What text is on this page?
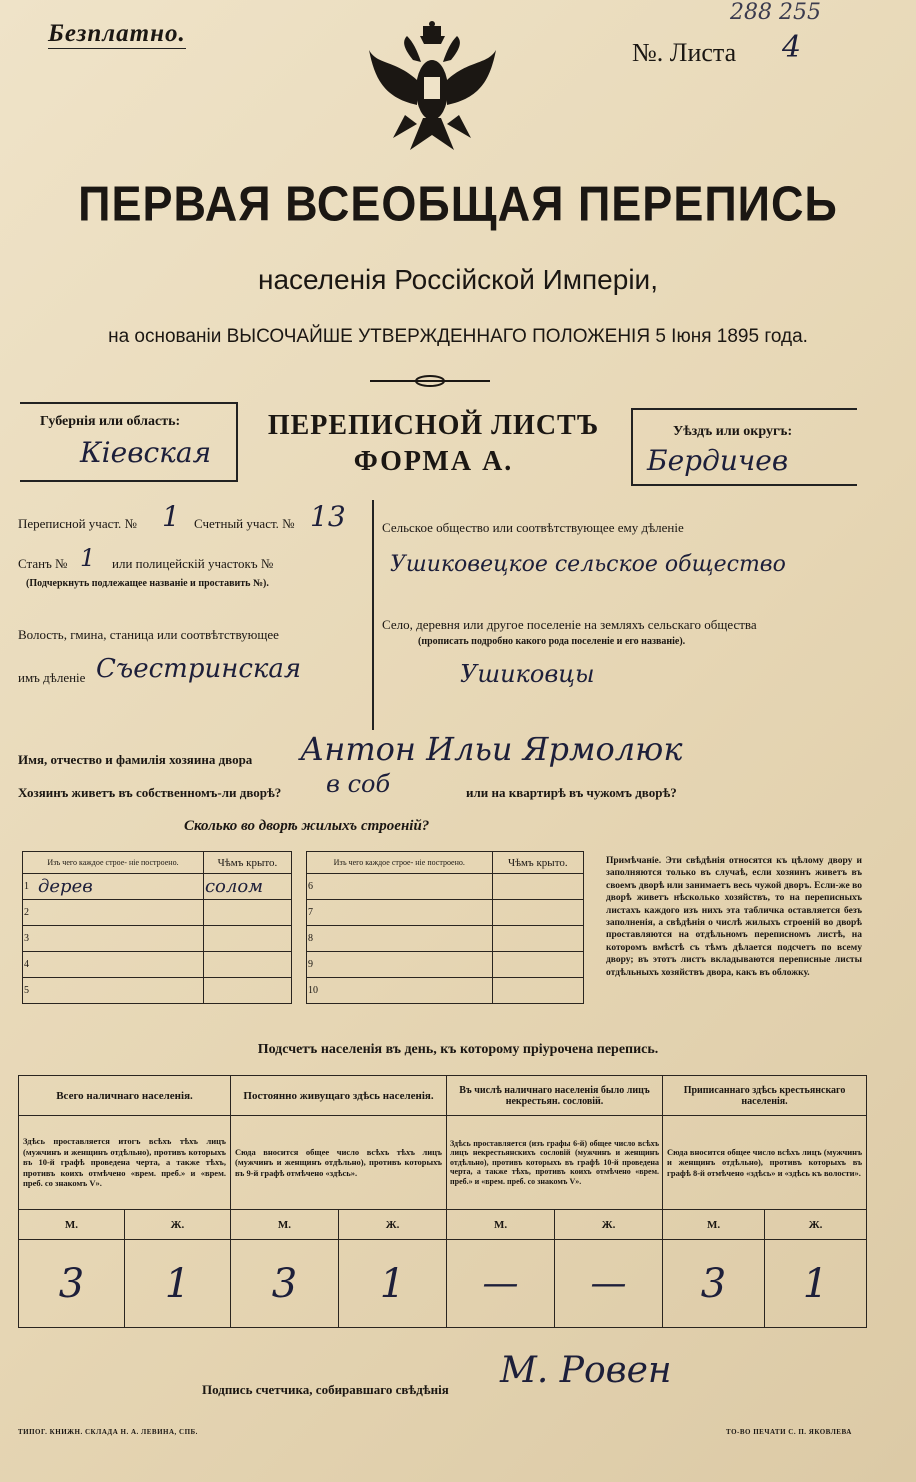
Безплатно.
№. Листа 4
288 255
ПЕРВАЯ ВСЕОБЩАЯ ПЕРЕПИСЬ
населенія Россійской Имперіи,
на основаніи ВЫСОЧАЙШЕ УТВЕРЖДЕННАГО ПОЛОЖЕНІЯ 5 Іюня 1895 года.
Губернія или область:
Кіевская
ПЕРЕПИСНОЙ ЛИСТЪ
ФОРМА А.
Уѣздъ или округъ:
Бердичев
Переписной участ. № 1 Счетный участ. № 13
Станъ № 1 или полицейскій участокъ №
(Подчеркнуть подлежащее названіе и проставить №).
Волость, гмина, станица или соотвѣтствующее
имъ дѣленіе Съестринская
Сельское общество или соотвѣтствующее ему дѣленіе
Ушиковецкое сельское общество
Село, деревня или другое поселеніе на земляхъ сельскаго общества
(прописать подробно какого рода поселеніе и его названіе).
Ушиковцы
Имя, отчество и фамилія хозяина двора Антон Ильи Ярмолюк
Хозяинъ живетъ въ собственномъ-ли дворѣ? в соб	или на квартирѣ въ чужомъ дворѣ?
Сколько во дворѣ жилыхъ строеній?
Изъ чего каждое строе- ніе построено.		Чѣмъ крыто.
1	дерев	солом
2		
3		
4		
5		
Изъ чего каждое строе- ніе построено.		Чѣмъ крыто.
6		
7		
8		
9		
10		
Примѣчаніе. Эти свѣдѣнія относятся къ цѣлому двору и заполняются только въ случаѣ, если хозяинъ живетъ въ своемъ дворѣ или занимаетъ весь чужой дворъ. Если-же во дворѣ живетъ нѣсколько хозяйствъ, то на переписныхъ листахъ каждого изъ нихъ эта табличка оставляется безъ заполненія, а свѣдѣнія о числѣ жилыхъ строеній во дворѣ проставляются на отдѣльномъ переписномъ листѣ, на которомъ вмѣстѣ съ тѣмъ дѣлается подсчетъ по всему двору; въ этотъ листъ вкладываются переписные листы отдѣльныхъ хозяйствъ двора, какъ въ обложку.
Подсчетъ населенія въ день, къ которому пріурочена перепись.
Всего наличнаго населенія.		Постоянно живущаго здѣсь населенія.		Въ числѣ наличнаго населенія было лицъ некрестьян. сословій.		Приписаннаго здѣсь крестьянскаго населенія.	
Здѣсь проставляется итогъ всѣхъ тѣхъ лицъ (мужчинъ и женщинъ отдѣльно), противъ которыхъ въ 10-й графѣ проведена черта, а также тѣхъ, противъ коихъ отмѣчено «врем. преб.» и «врем. преб. со знакомъ V».		Сюда вносится общее число всѣхъ тѣхъ лицъ (мужчинъ и женщинъ отдѣльно), противъ которыхъ въ 9-й графѣ отмѣчено «здѣсь».		Здѣсь проставляется (изъ графы 6-й) общее число всѣхъ лицъ некрестьянскихъ сословій (мужчинъ и женщинъ отдѣльно), противъ которыхъ въ графѣ 10-й проведена черта, а также тѣхъ, противъ коихъ отмѣчено «врем. преб.» и «врем. преб. со знакомъ V».		Сюда вносится общее число всѣхъ лицъ (мужчинъ и женщинъ отдѣльно), противъ которыхъ въ графѣ 8-й отмѣчено «здѣсь» и «здѣсь къ волости».	
М.	Ж.	М.	Ж.	М.	Ж.	М.	Ж.
3	1	3	1	—	—	3	1
Подпись счетчика, собиравшаго свѣдѣнія М. Ровен
ТИПОГ. КНИЖН. СКЛАДА Н. А. ЛЕВИНА, СПБ.	ТО-ВО ПЕЧАТИ С. П. ЯКОВЛЕВА
